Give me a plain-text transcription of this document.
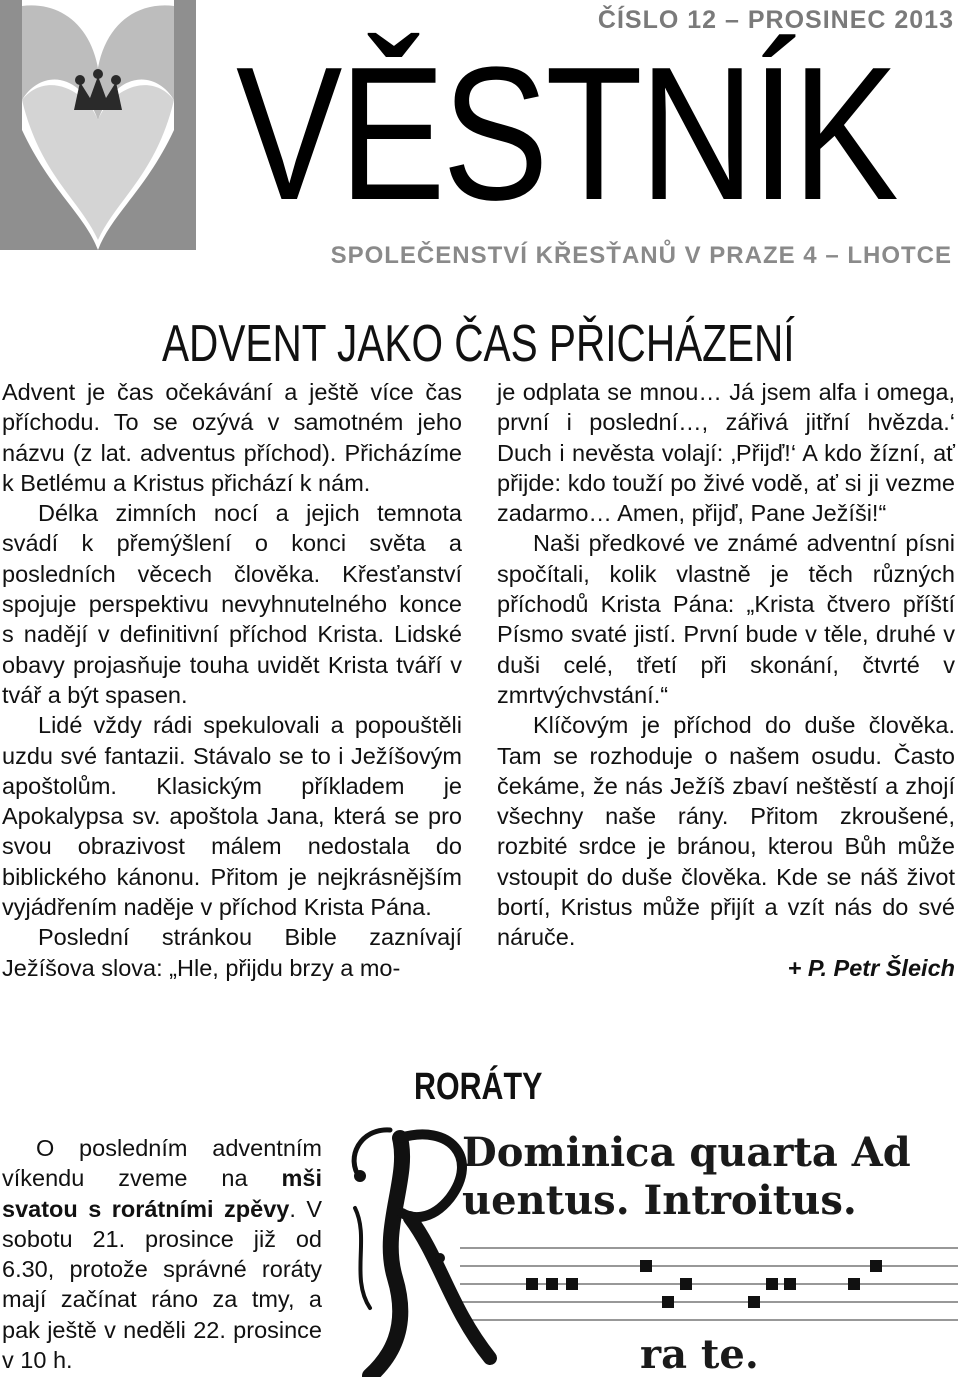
ČÍSLO 12 – PROSINEC 2013
VĚSTNÍK
SPOLEČENSTVÍ KŘESŤANŮ V PRAZE 4 – LHOTCE
ADVENT JAKO ČAS PŘICHÁZENÍ

Advent je čas očekávání a ještě více čas příchodu. To se ozývá v samotném jeho názvu (z lat. adventus příchod). Přicházíme k Betlému a Kristus přichází k nám.

Délka zimních nocí a jejich temnota svádí k přemýšlení o konci světa a posledních věcech člověka. Křesťanství spojuje perspektivu nevyhnutelného konce s nadějí v definitivní příchod Krista. Lidské obavy projasňuje touha uvidět Krista tváří v tvář a být spasen.

Lidé vždy rádi spekulovali a popouštěli uzdu své fantazii. Stávalo se to i Ježíšovým apoštolům. Klasickým příkladem je Apokalypsa sv. apoštola Jana, která se pro svou obrazivost málem nedostala do biblického kánonu. Přitom je nejkrásnějším vyjádřením naděje v příchod Krista Pána.

Poslední stránkou Bible zaznívají Ježíšova slova: „Hle, přijdu brzy a mo-

je odplata se mnou… Já jsem alfa i omega, první i poslední…, zářivá jitřní hvězda.‘ Duch i nevěsta volají: ‚Přijď!‘ A kdo žízní, ať přijde: kdo touží po živé vodě, ať si ji vezme zadarmo… Amen, přijď, Pane Ježíši!“

Naši předkové ve známé adventní písni spočítali, kolik vlastně je těch různých příchodů Krista Pána: „Krista čtvero příští Písmo svaté jistí. První bude v těle, druhé v duši celé, třetí při skonání, čtvrté v zmrtvýchvstání.“

Klíčovým je příchod do duše člověka. Tam se rozhoduje o našem osudu. Často čekáme, že nás Ježíš zbaví neštěstí a zhojí všechny naše rány. Přitom zkroušené, rozbité srdce je bránou, kterou Bůh může vstoupit do duše člověka. Kde se náš život bortí, Kristus může přijít a vzít nás do své náruče.

+ P. Petr Šleich
RORÁTY

O posledním adventním víkendu zveme na mši svatou s rorátními zpěvy. V sobotu 21. prosince již od 6.30, protože správné roráty mají začínat ráno za tmy, a pak ještě v neděli 22. prosince v 10 h.

Dominica quarta Ad
uentus. Introitus.
ra te.
